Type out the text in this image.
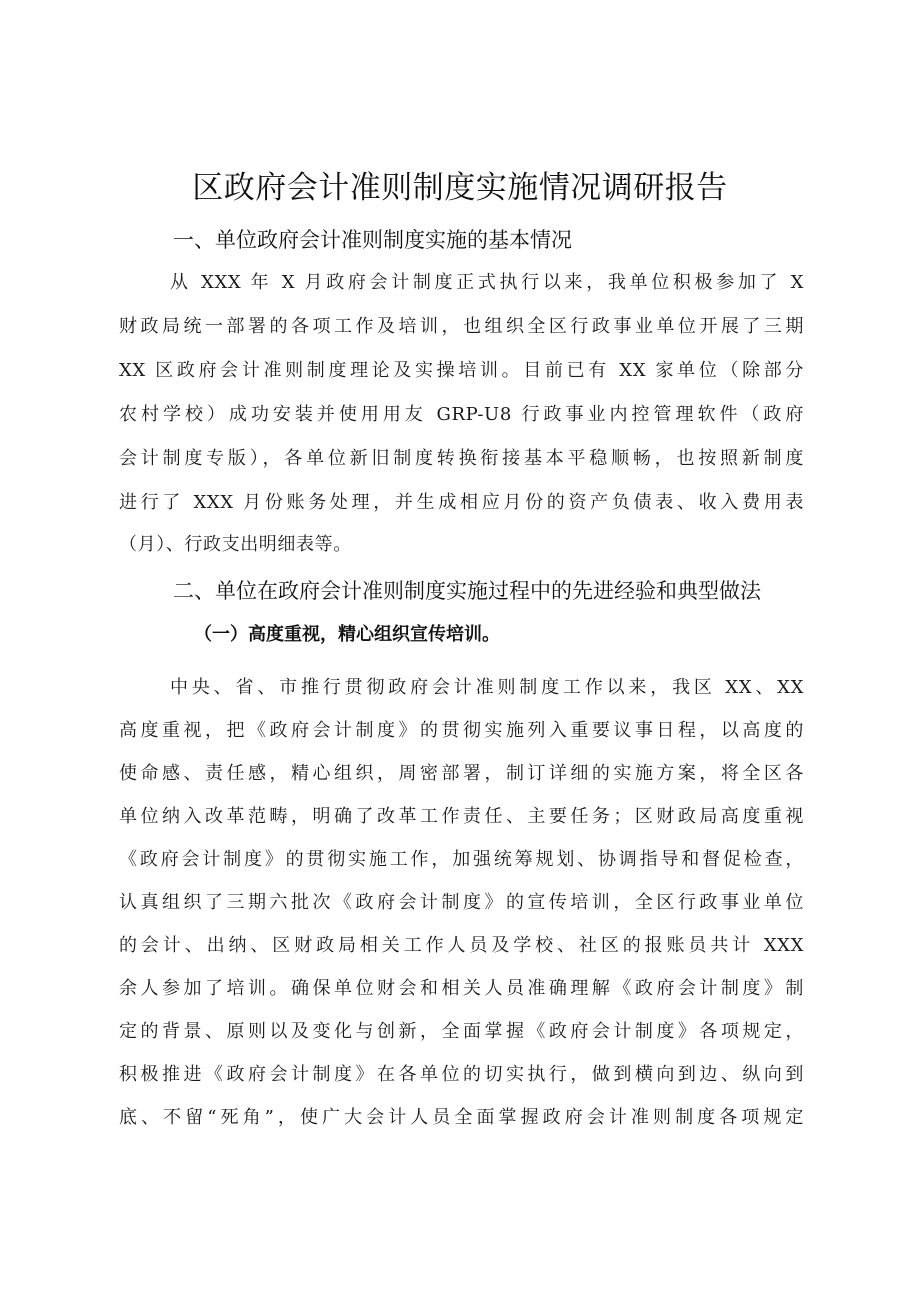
区政府会计准则制度实施情况调研报告
一、单位政府会计准则制度实施的基本情况
从 XXX 年 X 月政府会计制度正式执行以来，我单位积极参加了 X
财政局统一部署的各项工作及培训，也组织全区行政事业单位开展了三期
XX 区政府会计准则制度理论及实操培训。目前已有 XX 家单位（除部分
农村学校）成功安装并使用用友 GRP-U8 行政事业内控管理软件（政府
会计制度专版），各单位新旧制度转换衔接基本平稳顺畅，也按照新制度
进行了 XXX 月份账务处理，并生成相应月份的资产负债表、收入费用表
（月）、行政支出明细表等。
二、单位在政府会计准则制度实施过程中的先进经验和典型做法
（一）高度重视，精心组织宣传培训。
中央、省、市推行贯彻政府会计准则制度工作以来，我区 XX、XX
高度重视，把《政府会计制度》的贯彻实施列入重要议事日程，以高度的
使命感、责任感，精心组织，周密部署，制订详细的实施方案，将全区各
单位纳入改革范畴，明确了改革工作责任、主要任务；区财政局高度重视
《政府会计制度》的贯彻实施工作，加强统筹规划、协调指导和督促检查，
认真组织了三期六批次《政府会计制度》的宣传培训，全区行政事业单位
的会计、出纳、区财政局相关工作人员及学校、社区的报账员共计 XXX
余人参加了培训。确保单位财会和相关人员准确理解《政府会计制度》制
定的背景、原则以及变化与创新，全面掌握《政府会计制度》各项规定，
积极推进《政府会计制度》在各单位的切实执行，做到横向到边、纵向到
底、不留“死角”，使广大会计人员全面掌握政府会计准则制度各项规定
